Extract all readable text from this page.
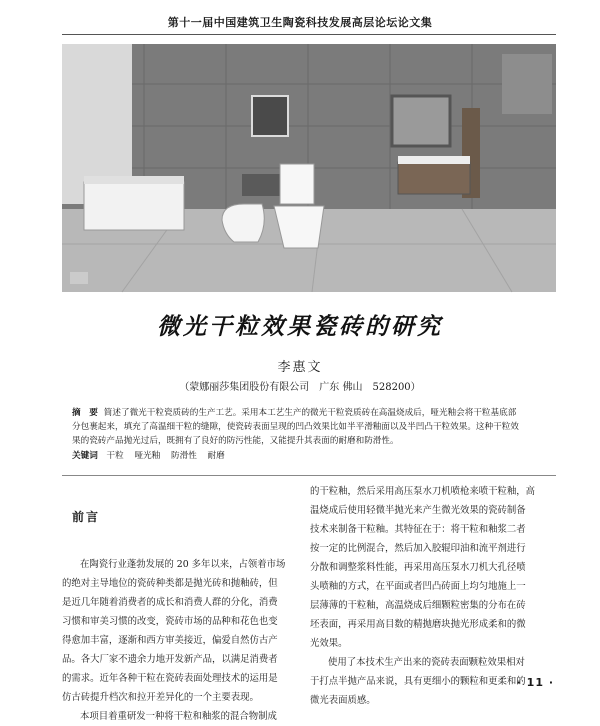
第十一届中国建筑卫生陶瓷科技发展高层论坛论文集
微光干粒效果瓷砖的研究
李惠文
（蒙娜丽莎集团股份有限公司　广东 佛山　528200）
摘　要 简述了微光干粒瓷质砖的生产工艺。采用本工艺生产的微光干粒瓷质砖在高温烧成后，哑光釉会将干粒基底部
分包裹起来，填充了高温细干粒的缝隙，使瓷砖表面呈现的凹凸效果比如半平滑釉面以及半凹凸干粒效果。这种干粒效
果的瓷砖产品抛光过后，既拥有了良好的防污性能，又能提升其表面的耐磨和防滑性。
关键词 干粒 哑光釉 防滑性 耐磨
前言
在陶瓷行业蓬勃发展的 20 多年以来，占领着市场
的绝对主导地位的瓷砖种类都是抛光砖和抛釉砖，但
是近几年随着消费者的成长和消费人群的分化，消费
习惯和审美习惯的改变，瓷砖市场的品种和花色也变
得愈加丰富，逐渐和西方审美接近，偏爱自然仿古产
品。各大厂家不遗余力地开发新产品，以满足消费者
的需求。近年各种干粒在瓷砖表面处理技术的运用是
仿古砖提升档次和拉开差异化的一个主要表现。
本项目着重研发一种将干粒和釉浆的混合物制成
的干粒釉，然后采用高压泵水刀机喷枪来喷干粒釉，高
温烧成后使用轻微半抛光来产生微光效果的瓷砖制备
技术来制备干粒釉。其特征在于：将干粒和釉浆二者
按一定的比例混合，然后加入胶辊印油和流平剂进行
分散和调整浆料性能，再采用高压泵水刀机大孔径喷
头喷釉的方式，在平面或者凹凸砖面上均匀地施上一
层薄薄的干粒釉，高温烧成后细颗粒密集的分布在砖
坯表面，再采用高目数的精抛磨块抛光形成柔和的微
光效果。
使用了本技术生产出来的瓷砖表面颗粒效果相对
于打点半抛产品来说，具有更细小的颗粒和更柔和的
微光表面质感。
· 11 ·
